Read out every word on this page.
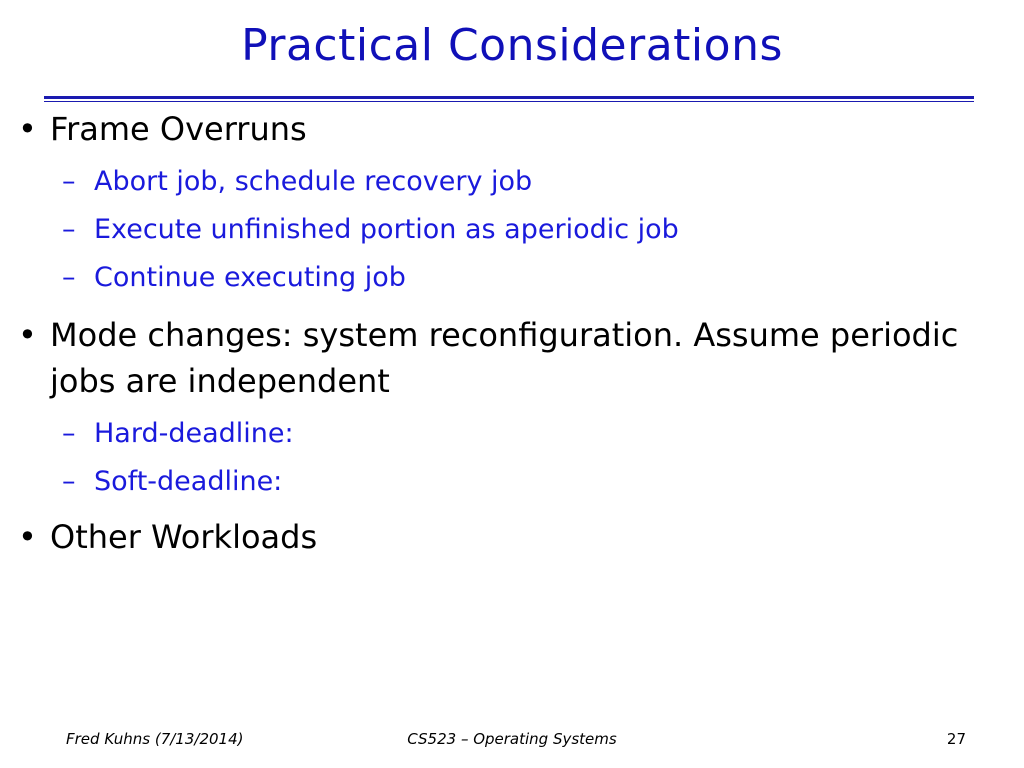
Practical Considerations
• Frame Overruns
– Abort job, schedule recovery job
– Execute unfinished portion as aperiodic job
– Continue executing job
• Mode changes: system reconfiguration. Assume periodic jobs are independent
– Hard-deadline:
– Soft-deadline:
• Other Workloads
Fred Kuhns (7/13/2014)	CS523 – Operating Systems	27
